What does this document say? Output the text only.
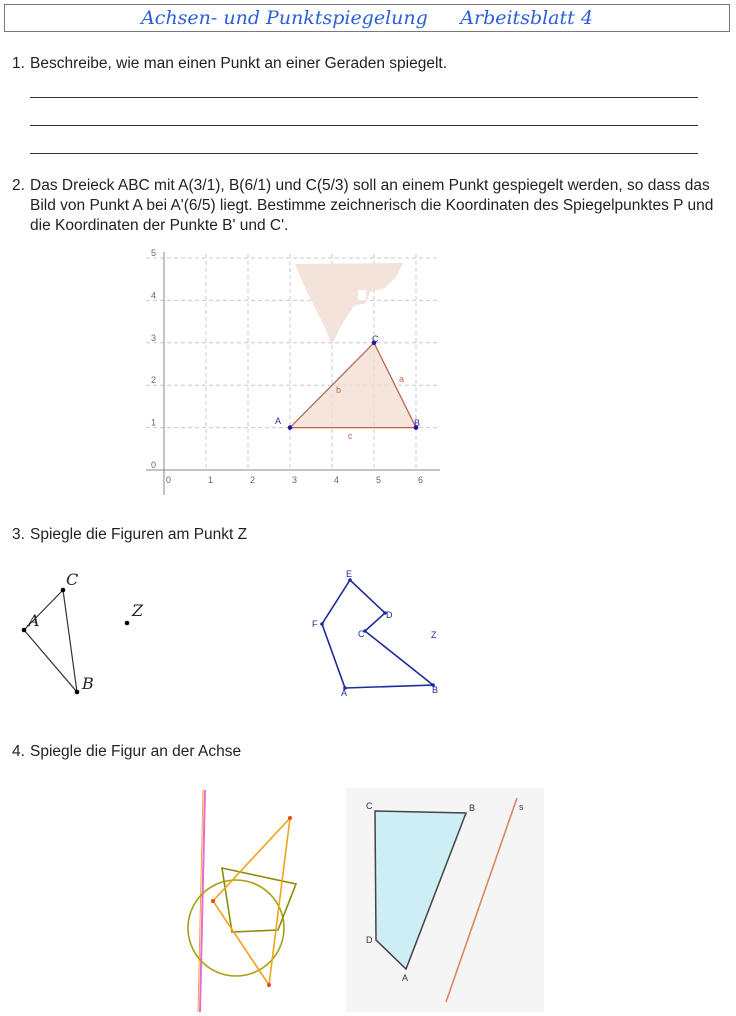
Achsen- und Punktspiegelung Arbeitsblatt 4
1. Beschreibe, wie man einen Punkt an einer Geraden spiegelt.

2. Das Dreieck ABC mit A(3/1), B(6/1) und C(5/3) soll an einem Punkt gespiegelt werden, so dass das Bild von Punkt A bei A'(6/5) liegt. Bestimme zeichnerisch die Koordinaten des Spiegelpunktes P und die Koordinaten der Punkte B' und C'.

0	1	2	3	4	5	6
0
1
2
3
4
5
A	B
C
a
b
c
3. Spiegle die Figuren am Punkt Z
C
A
B
Z
E
D
C
F
Z
A	B
4. Spiegle die Figur an der Achse
C	B
D
A
s
